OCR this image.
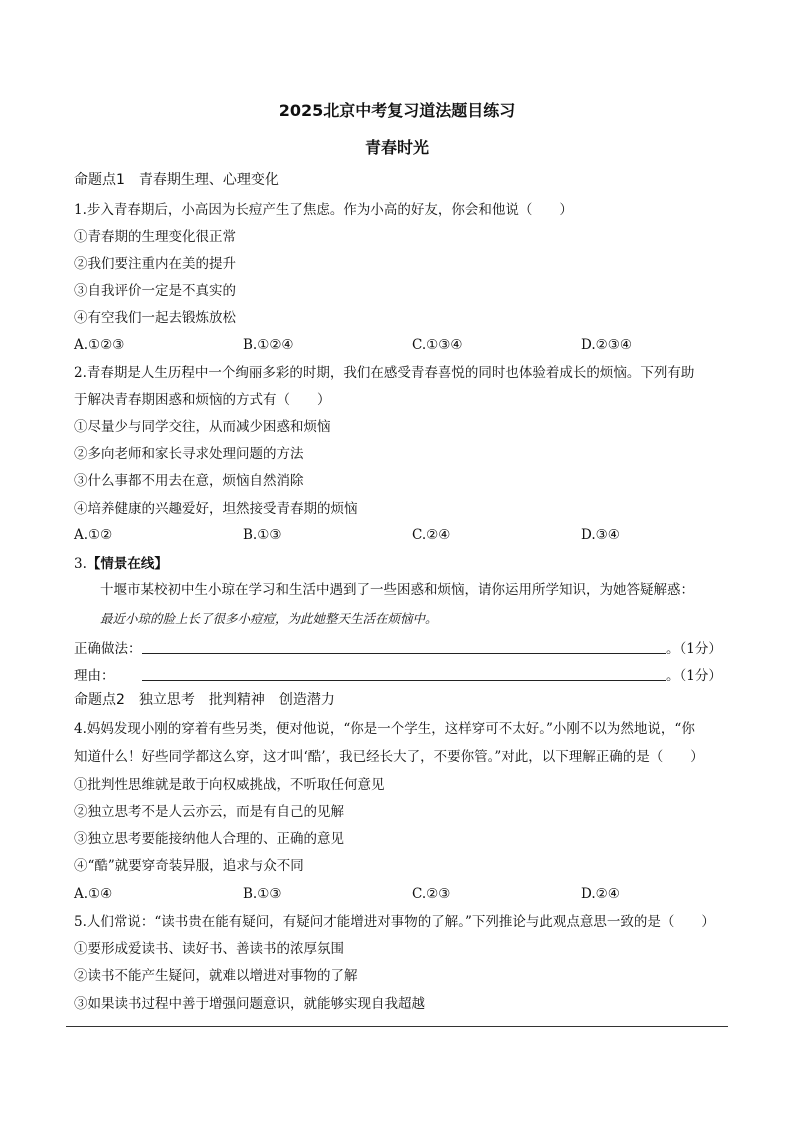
2025北京中考复习道法题目练习
青春时光
命题点1　青春期生理、心理变化
1.步入青春期后，小高因为长痘产生了焦虑。作为小高的好友，你会和他说（　　）
①青春期的生理变化很正常
②我们要注重内在美的提升
③自我评价一定是不真实的
④有空我们一起去锻炼放松
A.①②③	B.①②④	C.①③④	D.②③④
2.青春期是人生历程中一个绚丽多彩的时期，我们在感受青春喜悦的同时也体验着成长的烦恼。下列有助
于解决青春期困惑和烦恼的方式有（　　）
①尽量少与同学交往，从而减少困惑和烦恼
②多向老师和家长寻求处理问题的方法
③什么事都不用去在意，烦恼自然消除
④培养健康的兴趣爱好，坦然接受青春期的烦恼
A.①②	B.①③	C.②④	D.③④
3.【情景在线】
十堰市某校初中生小琼在学习和生活中遇到了一些困惑和烦恼，请你运用所学知识，为她答疑解惑：
最近小琼的脸上长了很多小痘痘，为此她整天生活在烦恼中。
正确做法：	。（1分）
理由：	。（1分）
命题点2　独立思考　批判精神　创造潜力
4.妈妈发现小刚的穿着有些另类，便对他说，“你是一个学生，这样穿可不太好。”小刚不以为然地说，“你
知道什么！好些同学都这么穿，这才叫‘酷’，我已经长大了，不要你管。”对此，以下理解正确的是（　　）
①批判性思维就是敢于向权威挑战，不听取任何意见
②独立思考不是人云亦云，而是有自己的见解
③独立思考要能接纳他人合理的、正确的意见
④“酷”就要穿奇装异服，追求与众不同
A.①④	B.①③	C.②③	D.②④
5.人们常说：“读书贵在能有疑问，有疑问才能增进对事物的了解。”下列推论与此观点意思一致的是（　　）
①要形成爱读书、读好书、善读书的浓厚氛围
②读书不能产生疑问，就难以增进对事物的了解
③如果读书过程中善于增强问题意识，就能够实现自我超越
